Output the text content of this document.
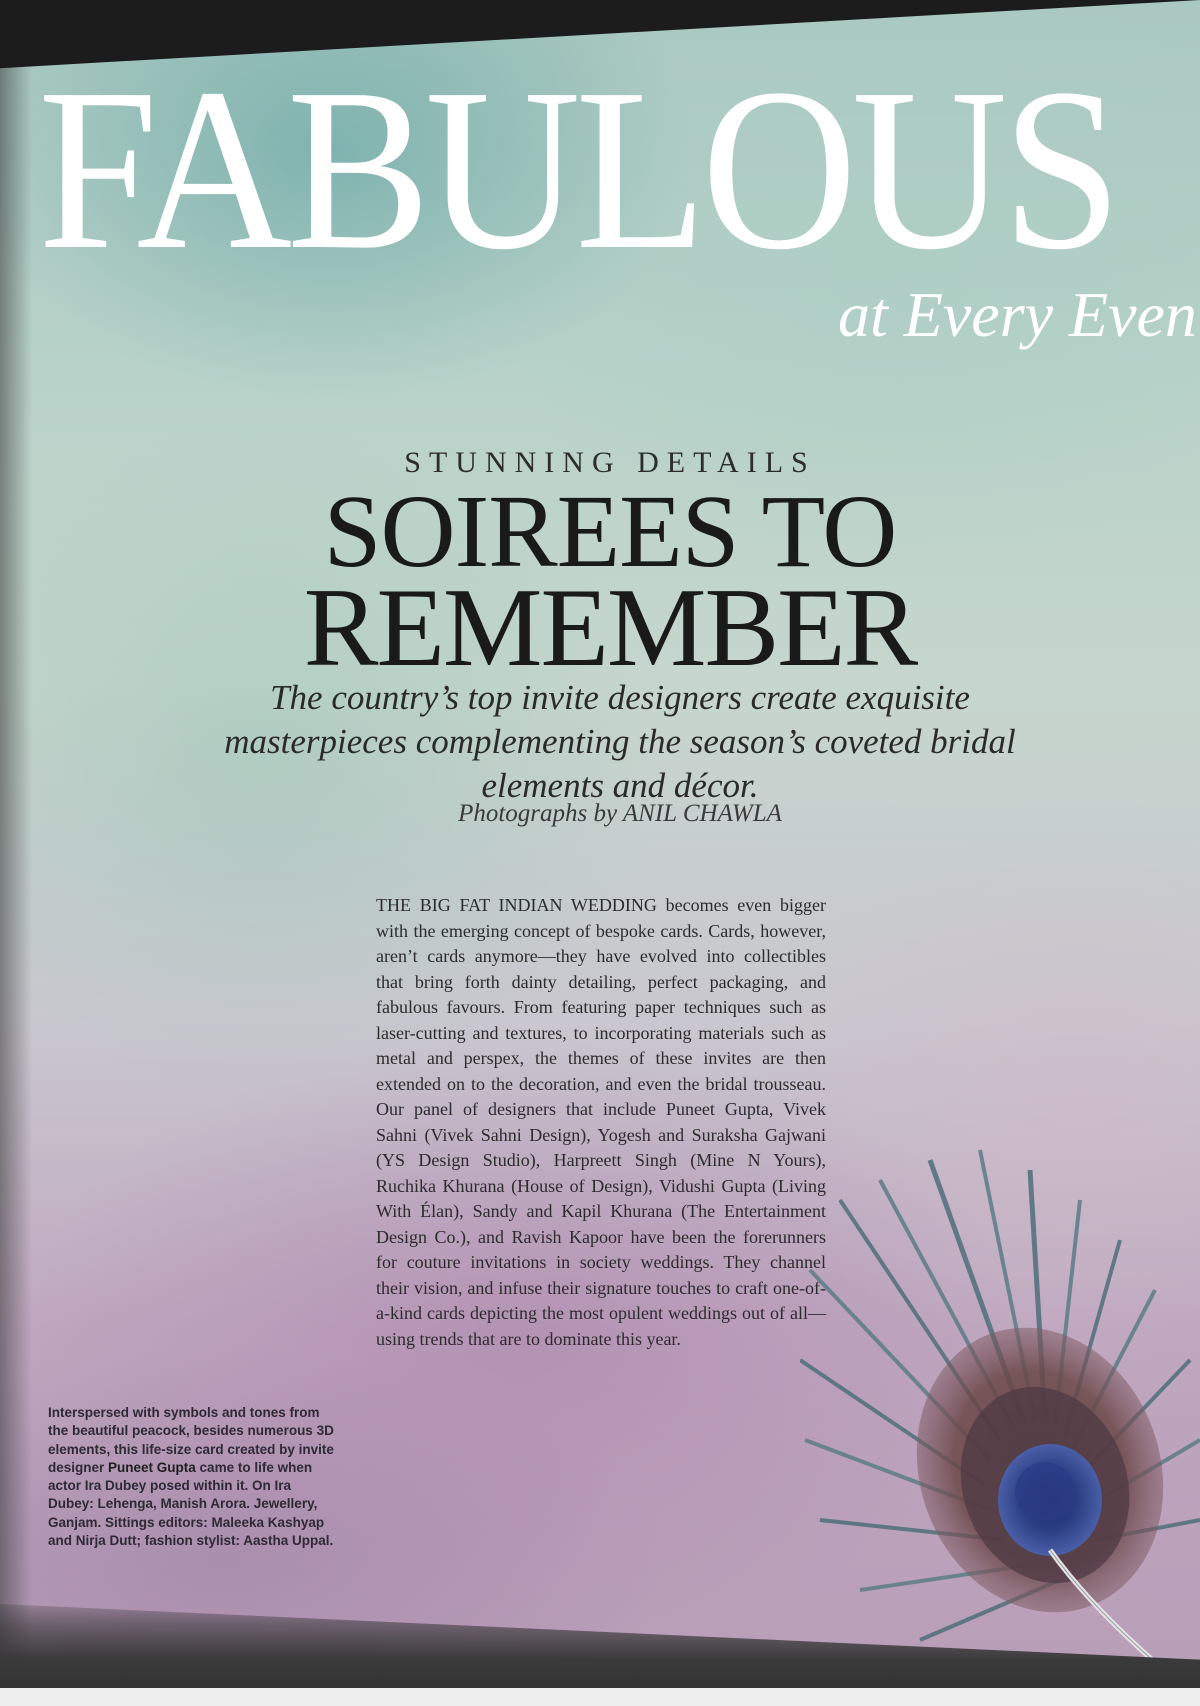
FABULOUS
at Every Even
STUNNING DETAILS
SOIREES TO
REMEMBER

The country’s top invite designers create exquisite masterpieces complementing the season’s coveted bridal elements and décor.

Photographs by ANIL CHAWLA

THE BIG FAT INDIAN WEDDING becomes even bigger with the emerging concept of bespoke cards. Cards, however, aren’t cards anymore—they have evolved into collectibles that bring forth dainty detailing, perfect packaging, and fabulous favours. From featuring paper techniques such as laser-cutting and textures, to incorporating materials such as metal and perspex, the themes of these invites are then extended on to the decoration, and even the bridal trousseau. Our panel of designers that include Puneet Gupta, Vivek Sahni (Vivek Sahni Design), Yogesh and Suraksha Gajwani (YS Design Studio), Harpreett Singh (Mine N Yours), Ruchika Khurana (House of Design), Vidushi Gupta (Living With Élan), Sandy and Kapil Khurana (The Entertainment Design Co.), and Ravish Kapoor have been the forerunners for couture invitations in society weddings. They channel their vision, and infuse their signature touches to craft one-of-a-kind cards depicting the most opulent weddings out of all—using trends that are to dominate this year.

Interspersed with symbols and tones from the beautiful peacock, besides numerous 3D elements, this life-size card created by invite designer Puneet Gupta came to life when actor Ira Dubey posed within it. On Ira Dubey: Lehenga, Manish Arora. Jewellery, Ganjam. Sittings editors: Maleeka Kashyap and Nirja Dutt; fashion stylist: Aastha Uppal.
